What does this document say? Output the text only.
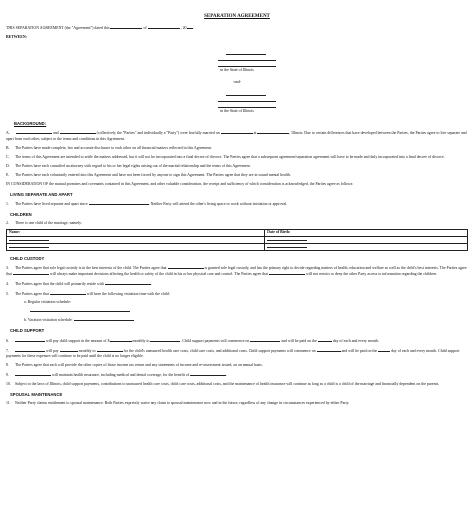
SEPARATION AGREEMENT
THIS SEPARATION AGREEMENT (the "Agreement") dated this	of	, 20 .
BETWEEN:
in the State of Illinois
-and-
in the State of Illinois
BACKGROUND:
A.	and	(collectively the "Parties" and individually a "Party") were lawfully married on	at	, Illinois. Due to certain differences that have developed between the Parties, the Parties agree to live separate and apart from each other, subject to the terms and conditions in this Agreement.
B. The Parties have made complete, fair and accurate disclosure to each other on all financial matters reflected in this Agreement.
C. The terms of this Agreement are intended to settle the matters addressed, but it will not be incorporated into a final decree of divorce. The Parties agree that a subsequent agreement/separation agreement will have to be made and duly incorporated into a final decree of divorce.
D. The Parties have each consulted an attorney with regard to his or her legal rights arising out of the marital relationship and the terms of this Agreement.
E. The Parties have each voluntarily entered into this Agreement and have not been forced by anyone to sign this Agreement. The Parties agree that they are in sound mental health.
IN CONSIDERATION OF the mutual promises and covenants contained in this Agreement, and other valuable consideration, the receipt and sufficiency of which consideration is acknowledged, the Parties agree as follows:
LIVING SEPARATE AND APART
1. The Parties have lived separate and apart since	. Neither Party will attend the other's living space or work without invitation or approval.
CHILDREN
2. There is one child of the marriage, namely:
Name:	Date of Birth:

CHILD CUSTODY
3. The Parties agree that sole legal custody is in the best interests of the child. The Parties agree that	is granted sole legal custody, and has the primary right to decide regarding matters of health, education and welfare as well as the child's best interests. The Parties agree that	will always make important decisions affecting the health or safety of the child in his or her physical care and control. The Parties agree that	will not restrict or deny the other Party access to information regarding the children.
4. The Parties agree that the child will primarily reside with	.
5. The Parties agree that	will have the following visitation time with the child:
a. Regular visitation schedule:
b. Vacation visitation schedule:
CHILD SUPPORT
6.	will pay child support in the amount of $	monthly to	. Child support payments will commence on	and will be paid on the	day of each and every month.
7.	will pay	monthly to	for the child's unassured health care costs, child care costs, and additional costs. Child support payments will commence on	and will be paid on the	day of each and every month. Child support payments for these expenses will continue to be paid until the child is no longer eligible.
8. The Parties agree that each will provide the other copies of those income tax return and any statements of income and re-assessment issued, on an annual basis.
9.	will maintain health insurance, including medical and dental coverage, for the benefit of	.
10. Subject to the laws of Illinois, child support payments, contributions to unassured health care costs, child care costs, additional costs, and the maintenance of health insurance will continue as long as a child is a child of the marriage and financially dependent on the parents.
SPOUSAL MAINTENANCE
11. Neither Party claims entitlement to spousal maintenance. Both Parties expressly waive any claim to spousal maintenance now and in the future, regardless of any change in circumstances experienced by either Party.
